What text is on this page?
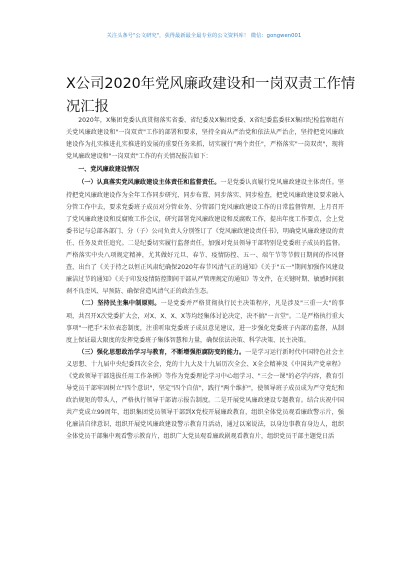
关注头条号"公文研究"，获得最新最全最专业的公文资料库！ 微信：gongwen001
X公司2020年党风廉政建设和一岗双责工作情况汇报

2020年，X集团党委认真贯彻落实省委、省纪委及X集团党委、X省纪委监委驻X集团纪检监察组有关党风廉政建设和"一岗双责"工作的部署和要求，坚持全面从严治党和依法从严治企，坚持把党风廉政建设作为扎实推进扎实推进的发展的重要任务来抓，切实履行"两个责任"，严格落实"一岗双责"，现将党风廉政建设和"一岗双责"工作的有关情况报告如下：

一、党风廉政建设情况

（一）认真落实党风廉政建设主体责任和监督责任。一是党委认真履行党风廉政建设主体责任。坚持把党风廉政建设作为全年工作同步研究、同步布置、同步落实、同步检查，把党风廉政建设要求融入分管工作中去，要求党委班子成员对分管业务、分管部门党风廉政建设工作的日常监督管理，上月召开了党风廉政建设和反腐败工作会议，研究部署党风廉政建设和反腐败工作，提出年度工作要点，会上党委书记与总部各部门、分（子）公司负责人分别签订了《党风廉政建设责任书》，明确党风廉政建设的责任、任务及责任追究。二是纪委切实履行监督责任，加强对党员领导干部特别是党委班子成员的监督。严格落实中央八项规定精神，尤其做好元旦、春节、疫情防控、五一、端午节等节假日期间的作风督查，出台了《关于持之以恒正风肃纪确保2020年春节风清气正的通知》《关于"五一"期间加强作风建设廉洁过节的通知》《关于印发疫情防控期间干部从严管理规定的通知》等文件，在关键时期、敏感时间狠刹不良歪风、早预防、确保营造风清气正的政治生态。

（二）坚持民主集中制原则。一是党委并严格贯彻执行民主决策程序，凡是涉及"三重一大"的事项，共召开X次党委扩大会，对X、X、X、X等均经集体讨论决定，决不搞"一言堂"。二是严格执行重大事项"一把手"末位表态制度，注重听取党委班子成员意见建议，进一步强化党委班子内部的监督，从制度上保证最大限度的发挥党委班子集体智慧和力量，确保依法决策、科学决策、民主决策。

（三）强化思想政治学习与教育，不断增强拒腐防变的能力。一是学习运行新时代中国特色社会主义思想、十九届中央纪委四次全会，党的十九大及十九届历次全会、X全会精神及《中国共产党章程》《党政领导干部选拔任用工作条例》等作为党委理论学习中心组学习、"三会一课"的必学内容，教育引导党员干部牢固树立"四个意识"，坚定"四个自信"，践行"两个维护"，使领导班子成员成为严守党纪和政治规矩的带头人，严格执行领导干部请示报告制度。二是开展党风廉政建设专题教育。结合庆祝中国共产党成立99周年，组织集团党员领导干部到X党校开展廉政教育，组织全体党员观看廉政警示片，强化廉洁自律意识，组织开展党风廉政建设警示教育月活动，通过以案说法，以身边事教育身边人，组织全体党员干部集中观看警示教育片，组织广大党员观看廉政剧观看教育片，组织党员干部主题党日活
